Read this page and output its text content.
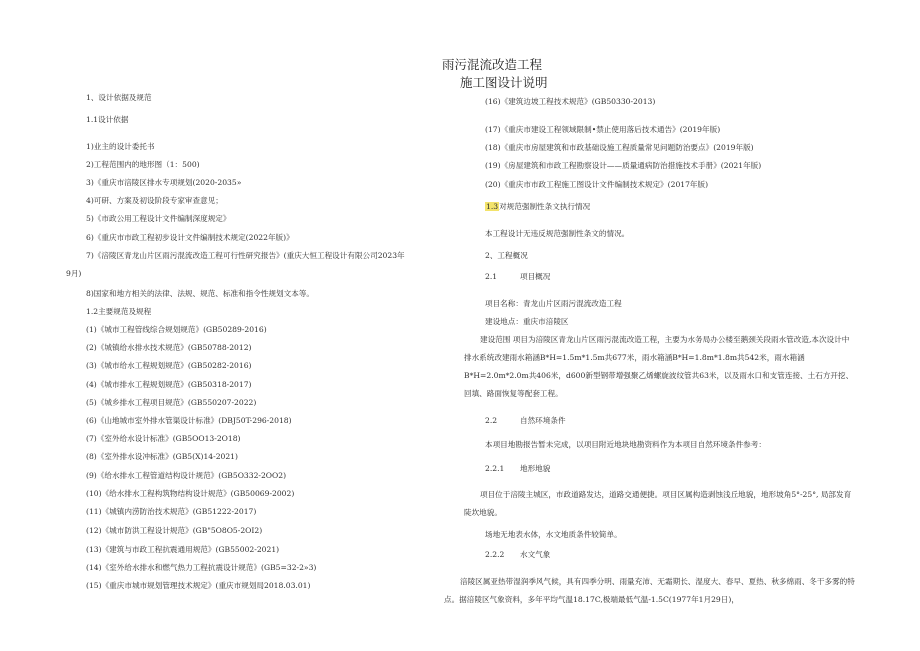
雨污混流改造工程
施工图设计说明
1、设计依据及规范
1.1设计依据
1)业主的设计委托书
2)工程范围内的地形图（1：500)
3)《重庆市涪陵区排水专项规划(2020-2035»
4)可研、方案及初设阶段专家审查意见；
5)《市政公用工程设计文件编制深度规定》
6)《重庆市市政工程初步设计文件编制技术规定(2022年版)》
7)《涪陵区青龙山片区雨污混流改造工程可行性研究报告》(重庆大恒工程设计有限公司2023年
9月)
8)国家和地方相关的法律、法规、规范、标准和指令性规划文本等。
1.2主要规范及规程
(1)《城市工程管线综合规划规范》(GB50289-2016)
(2)《城镇给水排水技术规范》(GB50788-2012)
(3)《城市给水工程规划规范》(GB50282-2016)
(4)《城市排水工程规划规范》(GB50318-2017)
(5)《城乡排水工程项目规范》(GB550207-2022)
(6)《山地城市室外排水管渠设计标准》(DBJ50T-296-2018)
(7)《室外给水设计标准》(GB5OO13-2O18)
(8)《室外排水设冲标准》(GB5(X)14-2021)
(9)《给水排水工程管道结构设计规范》(GB5O332-2OO2)
(10)《给水排水工程构筑物结构设计规范》(GB50069-2002)
(11)《城镇内涝防治技术规范》(GB51222-2017)
(12)《城市防洪工程设计规范》(GB"5O8O5-2OI2)
(13)《建筑与市政工程抗震通用规范》(GB55002-2021)
(14)《室外给水排水和燃气热力工程抗震设计规范》(GB5=32-2»3)
(15)《重庆市城市规划管理技术规定》(重庆市规划局2018.03.01)
(16)《建筑边坡工程技术规范》(GB50330-2013)
(17)《重庆市建设工程领域限制•禁止使用落后技术通告》(2019年版)
(18)《重庆市房屋建筑和市政基础设施工程质量常见问题防治要点》(2019年版)
(19)《房屋建筑和市政工程勘察设计——质量通病防治措施技术手册》(2021年版)
(20)《重庆市市政工程施工图设计文件编制技术规定》(2017年版)
1.3对规范强制性条文执行情况
本工程设计无违反规范强制性条文的情况。
2、工程概况
2.1	项目概况
项目名称：青龙山片区雨污混流改造工程
建设地点：重庆市涪陵区
建设范围 项目为涪陵区青龙山片区雨污混流改造工程，主要为水务局办公楼至鹅颈关段雨水管改造,本次设计中排水系统改建雨水箱涵B*H=1.5m*1.5m共677米，雨水箱涵B*H=1.8m*1.8m共542米，雨水箱涵B*H=2.0m*2.0m共406米，d600新型钢带增强聚乙烯螺旋波纹管共63米，以及雨水口和支管连接、土石方开挖、回填、路面恢复等配套工程。
2.2	自然环境条件
本项目地勘报告暂未完成，以项目附近地块地勘资料作为本项目自然环境条件参考：
2.2.1 地形地貌
项目位于涪陵主城区，市政道路发达，道路交通便捷。项目区属构造剥蚀浅丘地貌，地形坡角5°-25°, 局部发育陡坎地貌。
场地无地表水体，水文地质条件较简单。
2.2.2 水文气象
涪陵区属亚热带湿润季风气候，具有四季分明、雨量充沛、无霜期长、湿度大、春早、夏热、秋多绵雨、冬干多雾的特点。据涪陵区气象资料，多年平均气温18.17C,极端最低气温-1.5C(1977年1月29日)，
